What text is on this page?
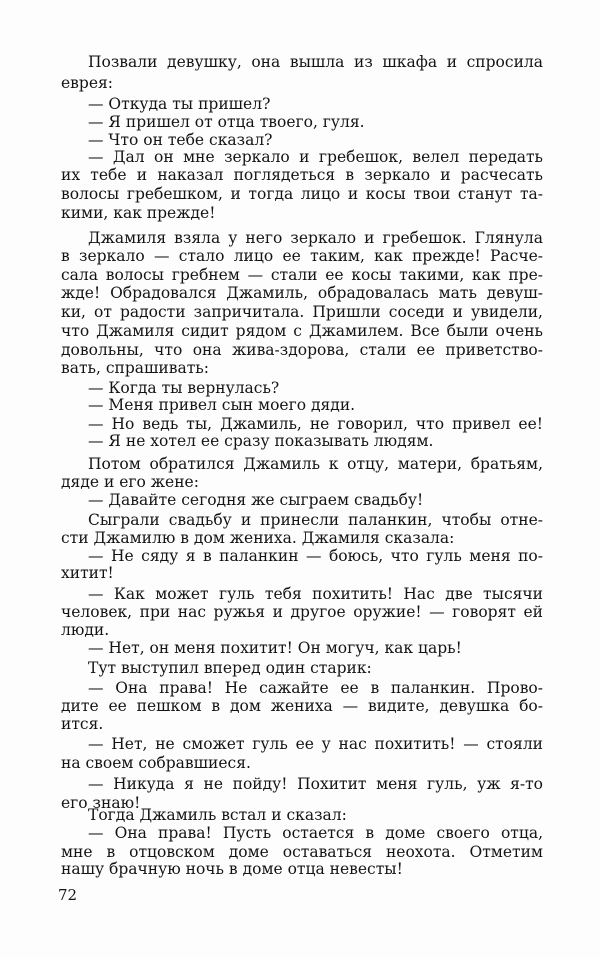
Позвали девушку, она вышла из шкафа и спросила
еврея:
— Откуда ты пришел?
— Я пришел от отца твоего, гуля.
— Что он тебе сказал?
— Дал он мне зеркало и гребешок, велел передать
их тебе и наказал поглядеться в зеркало и расчесать
волосы гребешком, и тогда лицо и косы твои станут та-
кими, как прежде!
Джамиля взяла у него зеркало и гребешок. Глянула
в зеркало — стало лицо ее таким, как прежде! Расче-
сала волосы гребнем — стали ее косы такими, как пре-
жде! Обрадовался Джамиль, обрадовалась мать девуш-
ки, от радости запричитала. Пришли соседи и увидели,
что Джамиля сидит рядом с Джамилем. Все были очень
довольны, что она жива-здорова, стали ее приветство-
вать, спрашивать:
— Когда ты вернулась?
— Меня привел сын моего дяди.
— Но ведь ты, Джамиль, не говорил, что привел ее!
— Я не хотел ее сразу показывать людям.
Потом обратился Джамиль к отцу, матери, братьям,
дяде и его жене:
— Давайте сегодня же сыграем свадьбу!
Сыграли свадьбу и принесли паланкин, чтобы отне-
сти Джамилю в дом жениха. Джамиля сказала:
— Не сяду я в паланкин — боюсь, что гуль меня по-
хитит!
— Как может гуль тебя похитить! Нас две тысячи
человек, при нас ружья и другое оружие! — говорят ей
люди.
— Нет, он меня похитит! Он могуч, как царь!
Тут выступил вперед один старик:
— Она права! Не сажайте ее в паланкин. Прово-
дите ее пешком в дом жениха — видите, девушка бо-
ится.
— Нет, не сможет гуль ее у нас похитить! — стояли
на своем собравшиеся.
— Никуда я не пойду! Похитит меня гуль, уж я-то
его знаю!
Тогда Джамиль встал и сказал:
— Она права! Пусть остается в доме своего отца,
мне в отцовском доме оставаться неохота. Отметим
нашу брачную ночь в доме отца невесты!
72
